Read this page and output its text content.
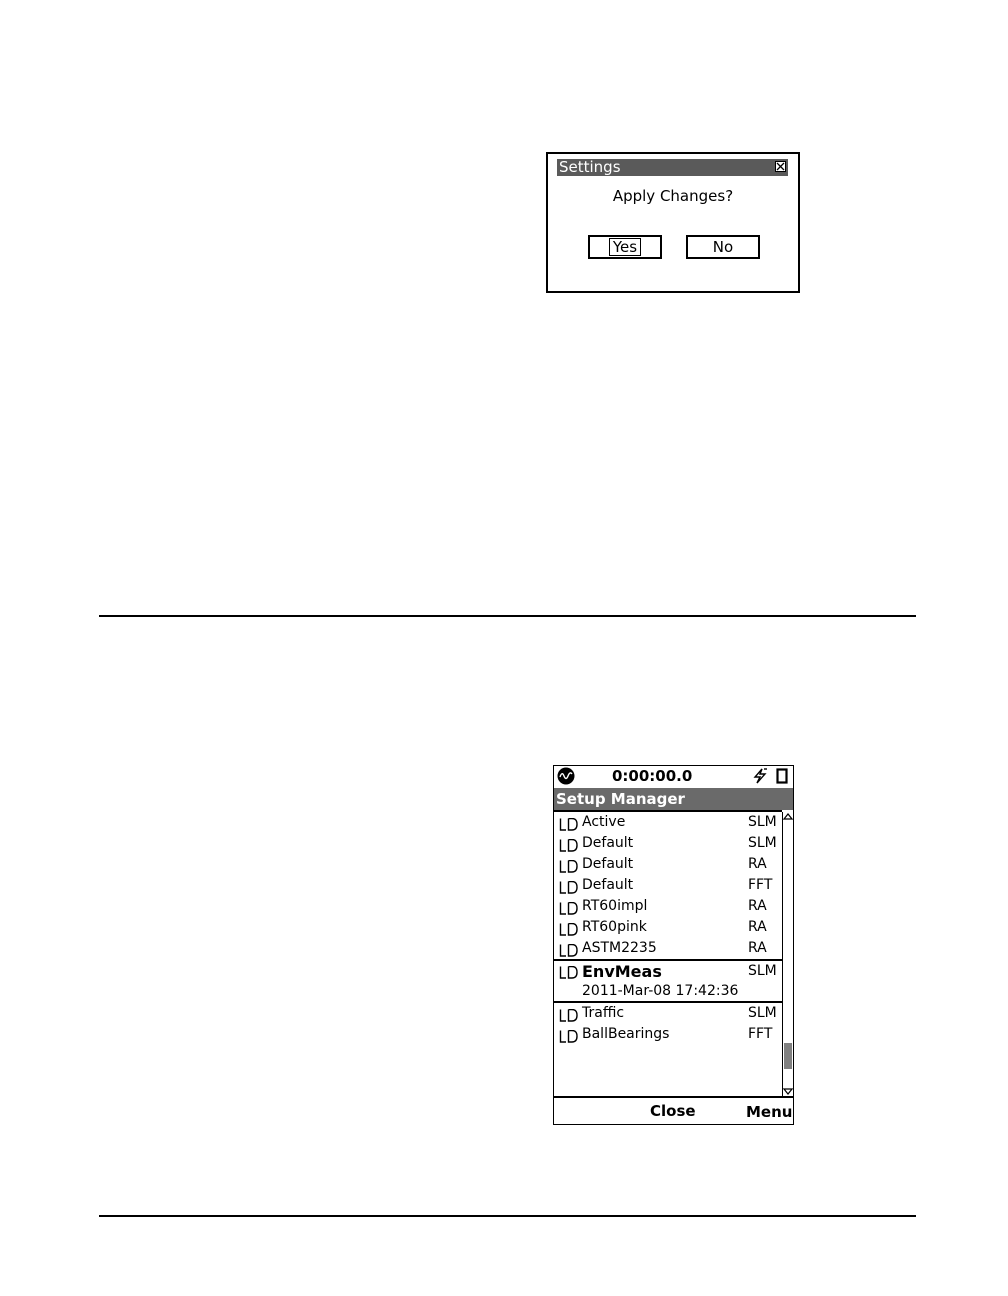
Settings
Apply Changes?
Yes	No
0:00:00.0
Setup Manager
Active	SLM
Default	SLM
Default	RA
Default	FFT
RT60impl	RA
RT60pink	RA
ASTM2235	RA
EnvMeas	SLM
2011-Mar-08 17:42:36
Traffic	SLM
BallBearings	FFT
Close	Menu
